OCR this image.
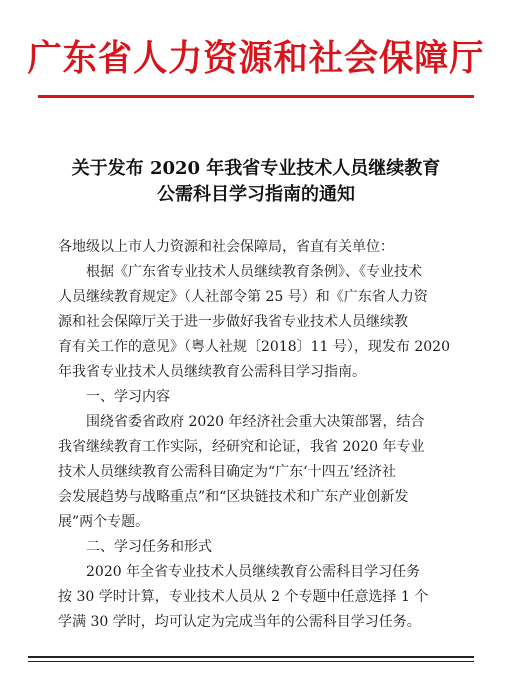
广东省人力资源和社会保障厅
关于发布 2020 年我省专业技术人员继续教育
公需科目学习指南的通知
各地级以上市人力资源和社会保障局，省直有关单位：
根据《广东省专业技术人员继续教育条例》、《专业技术
人员继续教育规定》（人社部令第 25 号）和《广东省人力资
源和社会保障厅关于进一步做好我省专业技术人员继续教
育有关工作的意见》（粤人社规〔2018〕11 号），现发布 2020
年我省专业技术人员继续教育公需科目学习指南。
一、学习内容
围绕省委省政府 2020 年经济社会重大决策部署，结合
我省继续教育工作实际，经研究和论证，我省 2020 年专业
技术人员继续教育公需科目确定为“广东‘十四五’经济社
会发展趋势与战略重点”和“区块链技术和广东产业创新发
展”两个专题。
二、学习任务和形式
2020 年全省专业技术人员继续教育公需科目学习任务
按 30 学时计算，专业技术人员从 2 个专题中任意选择 1 个
学满 30 学时，均可认定为完成当年的公需科目学习任务。
